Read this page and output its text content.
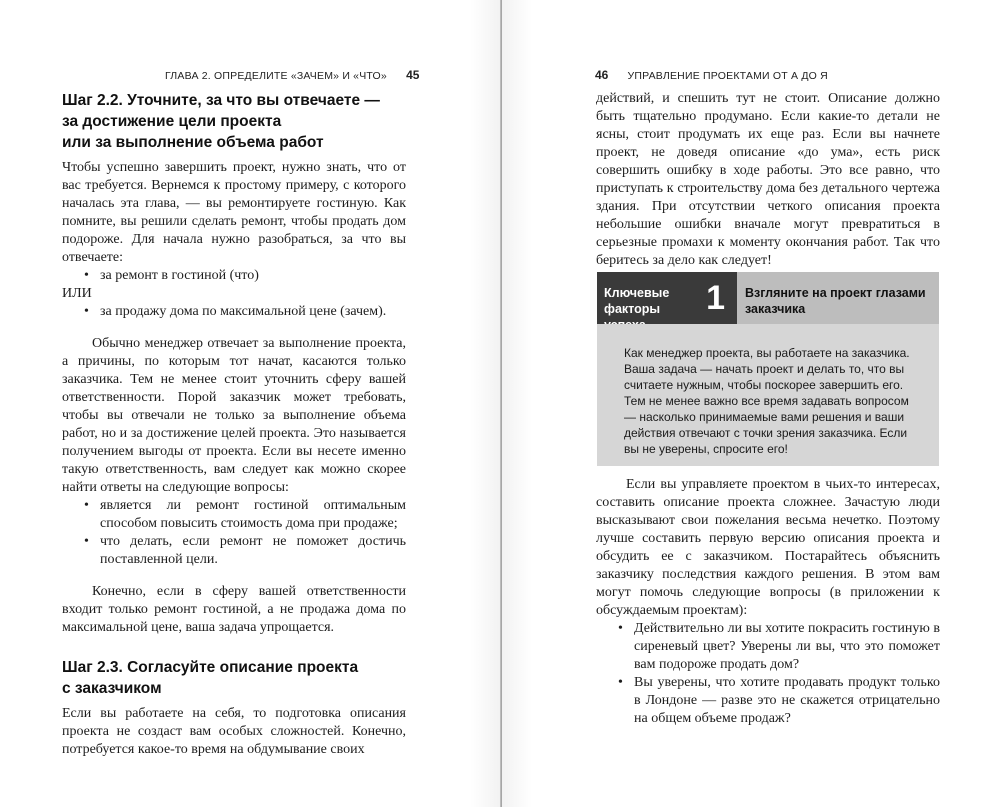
ГЛАВА 2. ОПРЕДЕЛИТЕ «ЗАЧЕМ» И «ЧТО» 45
Шаг 2.2. Уточните, за что вы отвечаете —
за достижение цели проекта
или за выполнение объема работ

Чтобы успешно завершить проект, нужно знать, что от вас требуется. Вернемся к простому примеру, с которого началась эта глава, — вы ремонтируете гостиную. Как помните, вы решили сделать ремонт, чтобы продать дом подороже. Для начала нужно разобраться, за что вы отвечаете:

• за ремонт в гостиной (что)
ИЛИ
• за продажу дома по максимальной цене (зачем).

Обычно менеджер отвечает за выполнение проекта, а причины, по которым тот начат, касаются только заказчика. Тем не менее стоит уточнить сферу вашей ответственности. Порой заказчик может требовать, чтобы вы отвечали не только за выполнение объема работ, но и за достижение целей проекта. Это называется получением выгоды от проекта. Если вы несете именно такую ответственность, вам следует как можно скорее найти ответы на следующие вопросы:

• является ли ремонт гостиной оптимальным способом повысить стоимость дома при продаже;
• что делать, если ремонт не поможет достичь поставленной цели.

Конечно, если в сферу вашей ответственности входит только ремонт гостиной, а не продажа дома по максимальной цене, ваша задача упрощается.

Шаг 2.3. Согласуйте описание проекта
с заказчиком

Если вы работаете на себя, то подготовка описания проекта не создаст вам особых сложностей. Конечно, потребуется какое-то время на обдумывание своих

46 УПРАВЛЕНИЕ ПРОЕКТАМИ ОТ А ДО Я

действий, и спешить тут не стоит. Описание должно быть тщательно продумано. Если какие-то детали не ясны, стоит продумать их еще раз. Если вы начнете проект, не доведя описание «до ума», есть риск совершить ошибку в ходе работы. Это все равно, что приступать к строительству дома без детального чертежа здания. При отсутствии четкого описания проекта небольшие ошибки вначале могут превратиться в серьезные промахи к моменту окончания работ. Так что беритесь за дело как следует!

Ключевые
факторы	1 Взгляните на проект глазами заказчика

Как менеджер проекта, вы работаете на заказчика. Ваша задача — начать проект и делать то, что вы считаете нужным, чтобы поскорее завершить его. Тем не менее важно все время задавать вопросом — насколько принимаемые вами решения и ваши действия отвечают с точки зрения заказчика. Если вы не уверены, спросите его!

Если вы управляете проектом в чьих-то интересах, составить описание проекта сложнее. Зачастую люди высказывают свои пожелания весьма нечетко. Поэтому лучше составить первую версию описания проекта и обсудить ее с заказчиком. Постарайтесь объяснить заказчику последствия каждого решения. В этом вам могут помочь следующие вопросы (в приложении к обсуждаемым проектам):

• Действительно ли вы хотите покрасить гостиную в сиреневый цвет? Уверены ли вы, что это поможет вам подороже продать дом?
• Вы уверены, что хотите продавать продукт только в Лондоне — разве это не скажется отрицательно на общем объеме продаж?
